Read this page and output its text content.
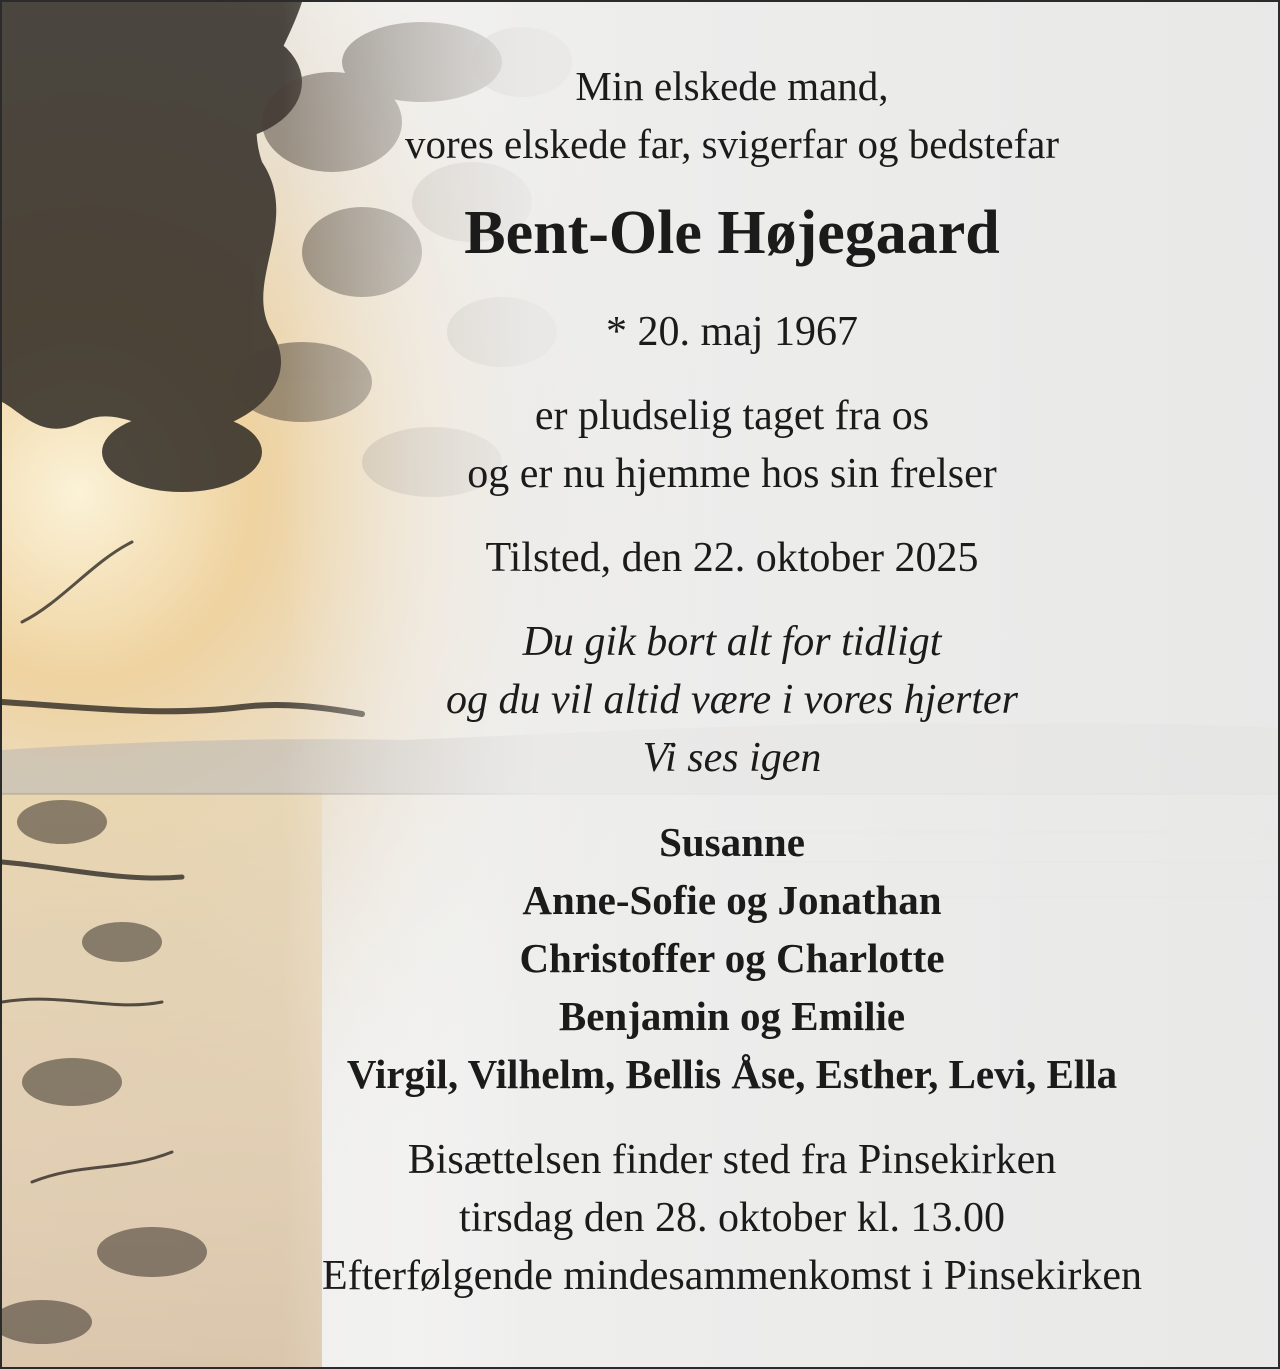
Min elskede mand,
vores elskede far, svigerfar og bedstefar
Bent-Ole Højegaard
* 20. maj 1967
er pludselig taget fra os
og er nu hjemme hos sin frelser
Tilsted, den 22. oktober 2025
Du gik bort alt for tidligt
og du vil altid være i vores hjerter
Vi ses igen
Susanne
Anne-Sofie og Jonathan
Christoffer og Charlotte
Benjamin og Emilie
Virgil, Vilhelm, Bellis Åse, Esther, Levi, Ella
Bisættelsen finder sted fra Pinsekirken
tirsdag den 28. oktober kl. 13.00
Efterfølgende mindesammenkomst i Pinsekirken
